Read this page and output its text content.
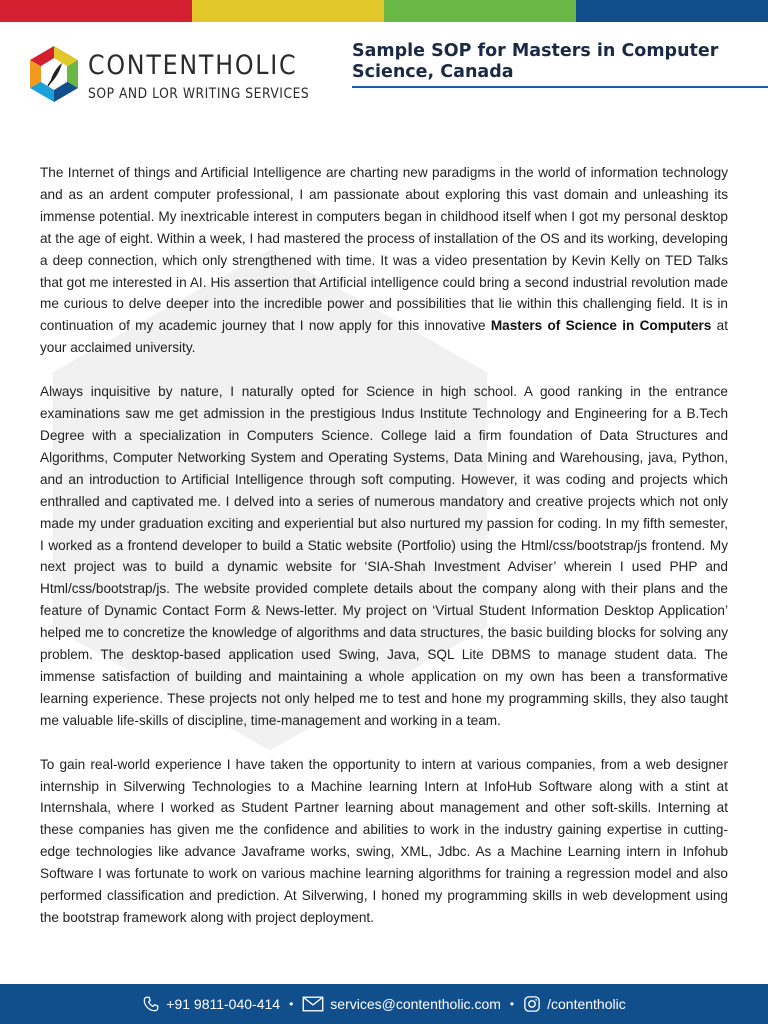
CONTENTHOLIC
SOP AND LOR WRITING SERVICES
Sample SOP for Masters in Computer Science, Canada

The Internet of things and Artificial Intelligence are charting new paradigms in the world of information technology and as an ardent computer professional, I am passionate about exploring this vast domain and unleashing its immense potential. My inextricable interest in computers began in childhood itself when I got my personal desktop at the age of eight. Within a week, I had mastered the process of installation of the OS and its working, developing a deep connection, which only strengthened with time. It was a video presentation by Kevin Kelly on TED Talks that got me interested in AI. His assertion that Artificial intelligence could bring a second industrial revolution made me curious to delve deeper into the incredible power and possibilities that lie within this challenging field. It is in continuation of my academic journey that I now apply for this innovative Masters of Science in Computers at your acclaimed university.

Always inquisitive by nature, I naturally opted for Science in high school. A good ranking in the entrance examinations saw me get admission in the prestigious Indus Institute Technology and Engineering for a B.Tech Degree with a specialization in Computers Science. College laid a firm foundation of Data Structures and Algorithms, Computer Networking System and Operating Systems, Data Mining and Warehousing, java, Python, and an introduction to Artificial Intelligence through soft computing. However, it was coding and projects which enthralled and captivated me. I delved into a series of numerous mandatory and creative projects which not only made my under graduation exciting and experiential but also nurtured my passion for coding. In my fifth semester, I worked as a frontend developer to build a Static website (Portfolio) using the Html/css/bootstrap/js frontend. My next project was to build a dynamic website for ‘SIA-Shah Investment Adviser’ wherein I used PHP and Html/css/bootstrap/js. The website provided complete details about the company along with their plans and the feature of Dynamic Contact Form & News-letter. My project on ‘Virtual Student Information Desktop Application’ helped me to concretize the knowledge of algorithms and data structures, the basic building blocks for solving any problem. The desktop-based application used Swing, Java, SQL Lite DBMS to manage student data. The immense satisfaction of building and maintaining a whole application on my own has been a transformative learning experience. These projects not only helped me to test and hone my programming skills, they also taught me valuable life-skills of discipline, time-management and working in a team.

To gain real-world experience I have taken the opportunity to intern at various companies, from a web designer internship in Silverwing Technologies to a Machine learning Intern at InfoHub Software along with a stint at Internshala, where I worked as Student Partner learning about management and other soft-skills. Interning at these companies has given me the confidence and abilities to work in the industry gaining expertise in cutting-edge technologies like advance Javaframe works, swing, XML, Jdbc. As a Machine Learning intern in Infohub Software I was fortunate to work on various machine learning algorithms for training a regression model and also performed classification and prediction. At Silverwing, I honed my programming skills in web development using the bootstrap framework along with project deployment.

+91 9811-040-414 •	services@contentholic.com • /contentholic
